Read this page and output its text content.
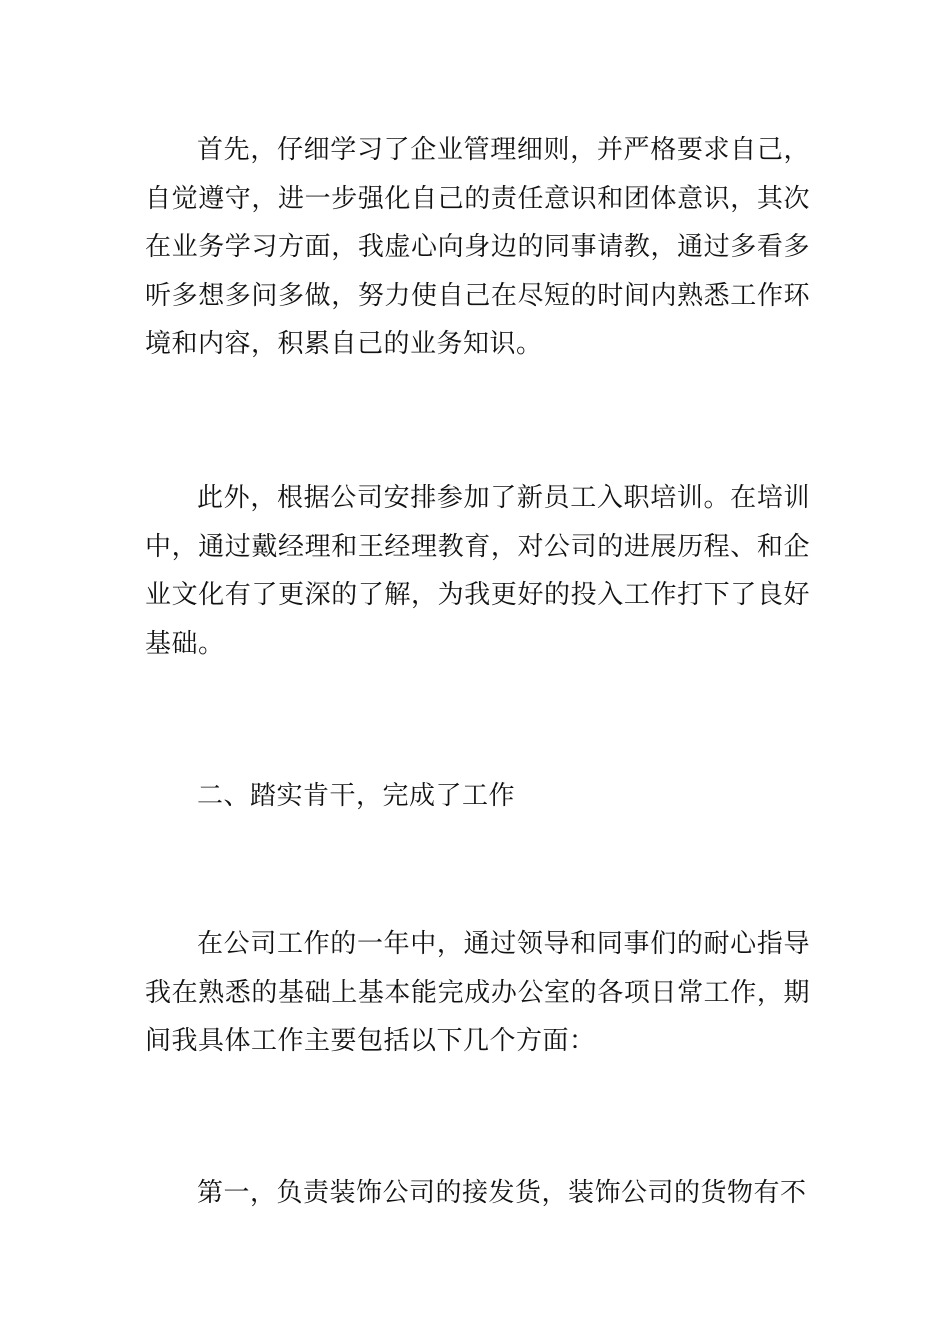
首先，仔细学习了企业管理细则，并严格要求自己，自觉遵守，进一步强化自己的责任意识和团体意识，其次在业务学习方面，我虚心向身边的同事请教，通过多看多听多想多问多做，努力使自己在尽短的时间内熟悉工作环境和内容，积累自己的业务知识。

此外，根据公司安排参加了新员工入职培训。在培训中，通过戴经理和王经理教育，对公司的进展历程、和企业文化有了更深的了解，为我更好的投入工作打下了良好基础。

二、踏实肯干，完成了工作

在公司工作的一年中，通过领导和同事们的耐心指导我在熟悉的基础上基本能完成办公室的各项日常工作，期间我具体工作主要包括以下几个方面：

第一，负责装饰公司的接发货，装饰公司的货物有不
